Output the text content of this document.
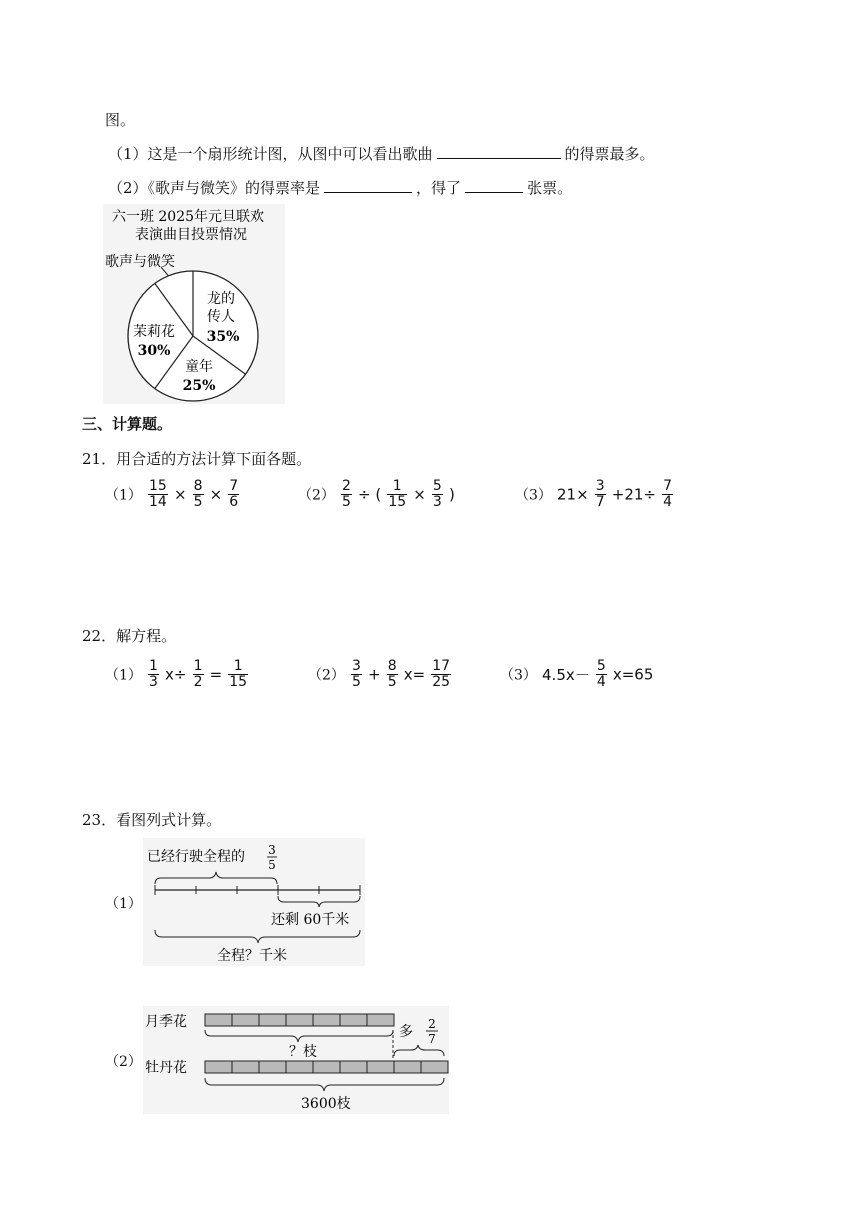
图。
（1）这是一个扇形统计图，从图中可以看出歌曲	的得票最多。
（2）《歌声与微笑》的得票率是	，得了	张票。
六一班 2025年元旦联欢
表演曲目投票情况
歌声与微笑
龙的
传人
35%
茉莉花
30%
童年
25%
三、计算题。
21．用合适的方法计算下面各题。
$(1) \frac{15}{14} \times \frac{8}{5} \times \frac{7}{6}$	$(2) \frac{2}{5}$ ÷ ( $\frac{1}{15} \times \frac{5}{3}$ )	（3） $21\times \frac{3}{7} +21\div \frac{7}{4}$
22．解方程。
$(1) \frac{1}{3} x\div \frac{1}{2} = \frac{1}{15}$	$(2) \frac{3}{5} + \frac{8}{5} x= \frac{17}{25}$	（3） $4.5x- \frac{5}{4} x=65$
23．看图列式计算。
（1）
已经行驶全程的 3
5
还剩 60千米
全程？千米
（2）
月季花
？枝
多 2
7
牡丹花
3600枝
